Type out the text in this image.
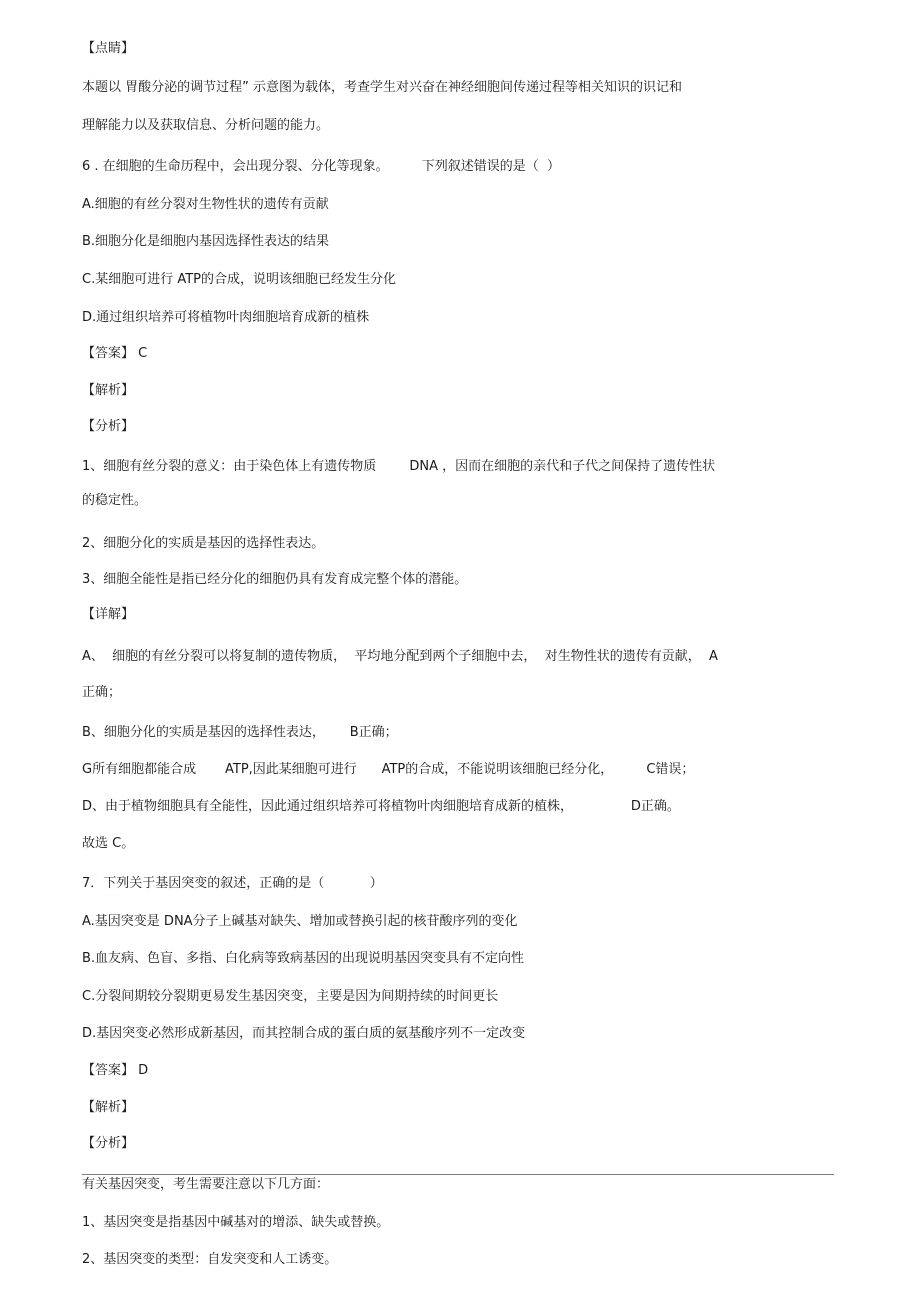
【点睛】
本题以 胃酸分泌的调节过程” 示意图为载体，考查学生对兴奋在神经细胞间传递过程等相关知识的识记和
理解能力以及获取信息、分析问题的能力。
6 . 在细胞的生命历程中，会出现分裂、分化等现象。        下列叙述错误的是（  ）
A.细胞的有丝分裂对生物性状的遗传有贡献
B.细胞分化是细胞内基因选择性表达的结果
C.某细胞可进行 ATP的合成，说明该细胞已经发生分化
D.通过组织培养可将植物叶肉细胞培育成新的植株
【答案】 C
【解析】
【分析】
1、细胞有丝分裂的意义：由于染色体上有遗传物质        DNA ，因而在细胞的亲代和子代之间保持了遗传性状
的稳定性。
2、细胞分化的实质是基因的选择性表达。
3、细胞全能性是指已经分化的细胞仍具有发育成完整个体的潜能。
【详解】
A、  细胞的有丝分裂可以将复制的遗传物质，  平均地分配到两个子细胞中去，  对生物性状的遗传有贡献，  A
正确；
B、细胞分化的实质是基因的选择性表达，      B正确；
G所有细胞都能合成       ATP,因此某细胞可进行      ATP的合成，不能说明该细胞已经分化，        C错误；
D、由于植物细胞具有全能性，因此通过组织培养可将植物叶肉细胞培育成新的植株，              D正确。
故选 C。
7．下列关于基因突变的叙述，正确的是（           ）
A.基因突变是 DNA分子上碱基对缺失、增加或替换引起的核苷酸序列的变化
B.血友病、色盲、多指、白化病等致病基因的出现说明基因突变具有不定向性
C.分裂间期较分裂期更易发生基因突变，主要是因为间期持续的时间更长
D.基因突变必然形成新基因，而其控制合成的蛋白质的氨基酸序列不一定改变
【答案】 D
【解析】
【分析】
有关基因突变，考生需要注意以下几方面：
1、基因突变是指基因中碱基对的增添、缺失或替换。
2、基因突变的类型：自发突变和人工诱变。
